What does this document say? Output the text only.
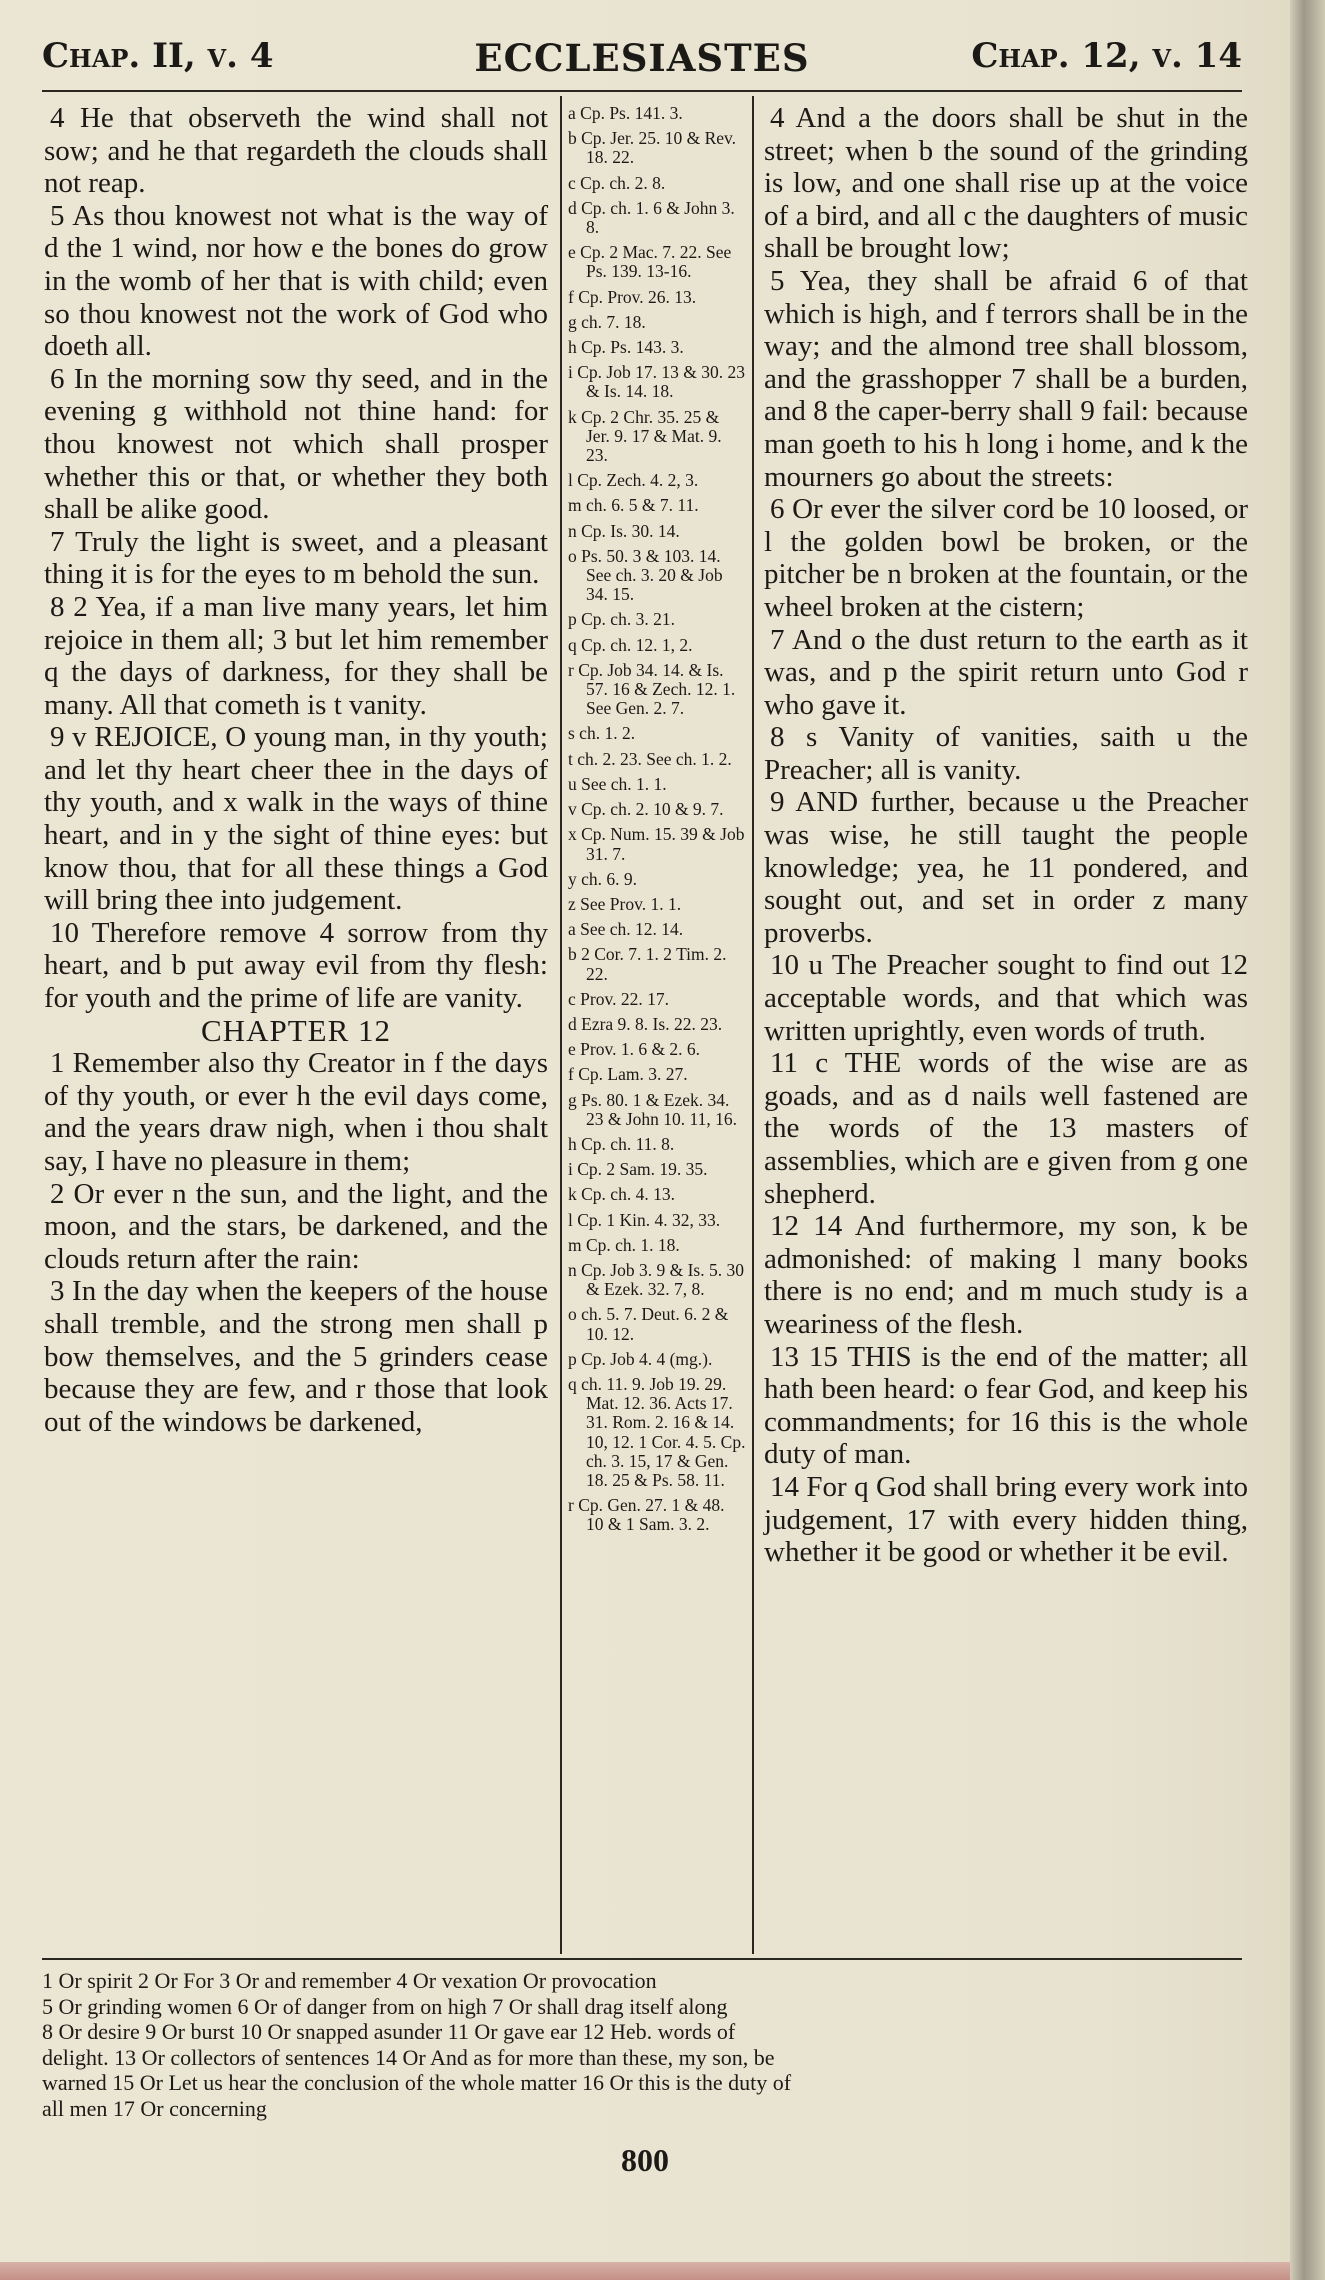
ECCLESIASTES
Chap. II, v. 4	Chap. 12, v. 14

4 He that observeth the wind shall not sow; and he that regardeth the clouds shall not reap.

5 As thou knowest not what is the way of d the 1 wind, nor how e the bones do grow in the womb of her that is with child; even so thou knowest not the work of God who doeth all.

6 In the morning sow thy seed, and in the evening g withhold not thine hand: for thou knowest not which shall prosper whether this or that, or whether they both shall be alike good.

7 Truly the light is sweet, and a pleasant thing it is for the eyes to m behold the sun.

8 2 Yea, if a man live many years, let him rejoice in them all; 3 but let him remember q the days of darkness, for they shall be many. All that cometh is t vanity.

9 v REJOICE, O young man, in thy youth; and let thy heart cheer thee in the days of thy youth, and x walk in the ways of thine heart, and in y the sight of thine eyes: but know thou, that for all these things a God will bring thee into judgement.

10 Therefore remove 4 sorrow from thy heart, and b put away evil from thy flesh: for youth and the prime of life are vanity.

CHAPTER 12

1 Remember also thy Creator in f the days of thy youth, or ever h the evil days come, and the years draw nigh, when i thou shalt say, I have no pleasure in them;

2 Or ever n the sun, and the light, and the moon, and the stars, be darkened, and the clouds return after the rain:

3 In the day when the keepers of the house shall tremble, and the strong men shall p bow themselves, and the 5 grinders cease because they are few, and r those that look out of the windows be darkened,

a Cp. Ps. 141. 3.
b Cp. Jer. 25. 10 & Rev. 18. 22.
c Cp. ch. 2. 8.
d Cp. ch. 1. 6 & John 3. 8.
e Cp. 2 Mac. 7. 22. See Ps. 139. 13-16.
f Cp. Prov. 26. 13.
g ch. 7. 18.
h Cp. Ps. 143. 3.
i Cp. Job 17. 13 & 30. 23 & Is. 14. 18.
k Cp. 2 Chr. 35. 25 & Jer. 9. 17 & Mat. 9. 23.
l Cp. Zech. 4. 2, 3.
m ch. 6. 5 & 7. 11.
n Cp. Is. 30. 14.
o Ps. 50. 3 & 103. 14. See ch. 3. 20 & Job 34. 15.
p Cp. ch. 3. 21.
q Cp. ch. 12. 1, 2.
r Cp. Job 34. 14. & Is. 57. 16 & Zech. 12. 1. See Gen. 2. 7.
s ch. 1. 2.
t ch. 2. 23. See ch. 1. 2.
u See ch. 1. 1.
v Cp. ch. 2. 10 & 9. 7.
x Cp. Num. 15. 39 & Job 31. 7.
y ch. 6. 9.
z See Prov. 1. 1.
a See ch. 12. 14.
b 2 Cor. 7. 1. 2 Tim. 2. 22.
c Prov. 22. 17.
d Ezra 9. 8. Is. 22. 23.
e Prov. 1. 6 & 2. 6.
f Cp. Lam. 3. 27.
g Ps. 80. 1 & Ezek. 34. 23 & John 10. 11, 16.
h Cp. ch. 11. 8.
i Cp. 2 Sam. 19. 35.
k Cp. ch. 4. 13.
l Cp. 1 Kin. 4. 32, 33.
m Cp. ch. 1. 18.
n Cp. Job 3. 9 & Is. 5. 30 & Ezek. 32. 7, 8.
o ch. 5. 7. Deut. 6. 2 & 10. 12.
p Cp. Job 4. 4 (mg.).
q ch. 11. 9. Job 19. 29. Mat. 12. 36. Acts 17. 31. Rom. 2. 16 & 14. 10, 12. 1 Cor. 4. 5. Cp. ch. 3. 15, 17 & Gen. 18. 25 & Ps. 58. 11.
r Cp. Gen. 27. 1 & 48. 10 & 1 Sam. 3. 2.

4 And a the doors shall be shut in the street; when b the sound of the grinding is low, and one shall rise up at the voice of a bird, and all c the daughters of music shall be brought low;

5 Yea, they shall be afraid 6 of that which is high, and f terrors shall be in the way; and the almond tree shall blossom, and the grasshopper 7 shall be a burden, and 8 the caper-berry shall 9 fail: because man goeth to his h long i home, and k the mourners go about the streets:

6 Or ever the silver cord be 10 loosed, or l the golden bowl be broken, or the pitcher be n broken at the fountain, or the wheel broken at the cistern;

7 And o the dust return to the earth as it was, and p the spirit return unto God r who gave it.

8 s Vanity of vanities, saith u the Preacher; all is vanity.

9 AND further, because u the Preacher was wise, he still taught the people knowledge; yea, he 11 pondered, and sought out, and set in order z many proverbs.

10 u The Preacher sought to find out 12 acceptable words, and that which was written uprightly, even words of truth.

11 c THE words of the wise are as goads, and as d nails well fastened are the words of the 13 masters of assemblies, which are e given from g one shepherd.

12 14 And furthermore, my son, k be admonished: of making l many books there is no end; and m much study is a weariness of the flesh.

13 15 THIS is the end of the matter; all hath been heard: o fear God, and keep his commandments; for 16 this is the whole duty of man.

14 For q God shall bring every work into judgement, 17 with every hidden thing, whether it be good or whether it be evil.

1 Or spirit 2 Or For 3 Or and remember 4 Or vexation Or provocation
5 Or grinding women 6 Or of danger from on high 7 Or shall drag itself along
8 Or desire 9 Or burst 10 Or snapped asunder 11 Or gave ear 12 Heb. words of
delight. 13 Or collectors of sentences 14 Or And as for more than these, my son, be
warned 15 Or Let us hear the conclusion of the whole matter 16 Or this is the duty of
all men 17 Or concerning
800
